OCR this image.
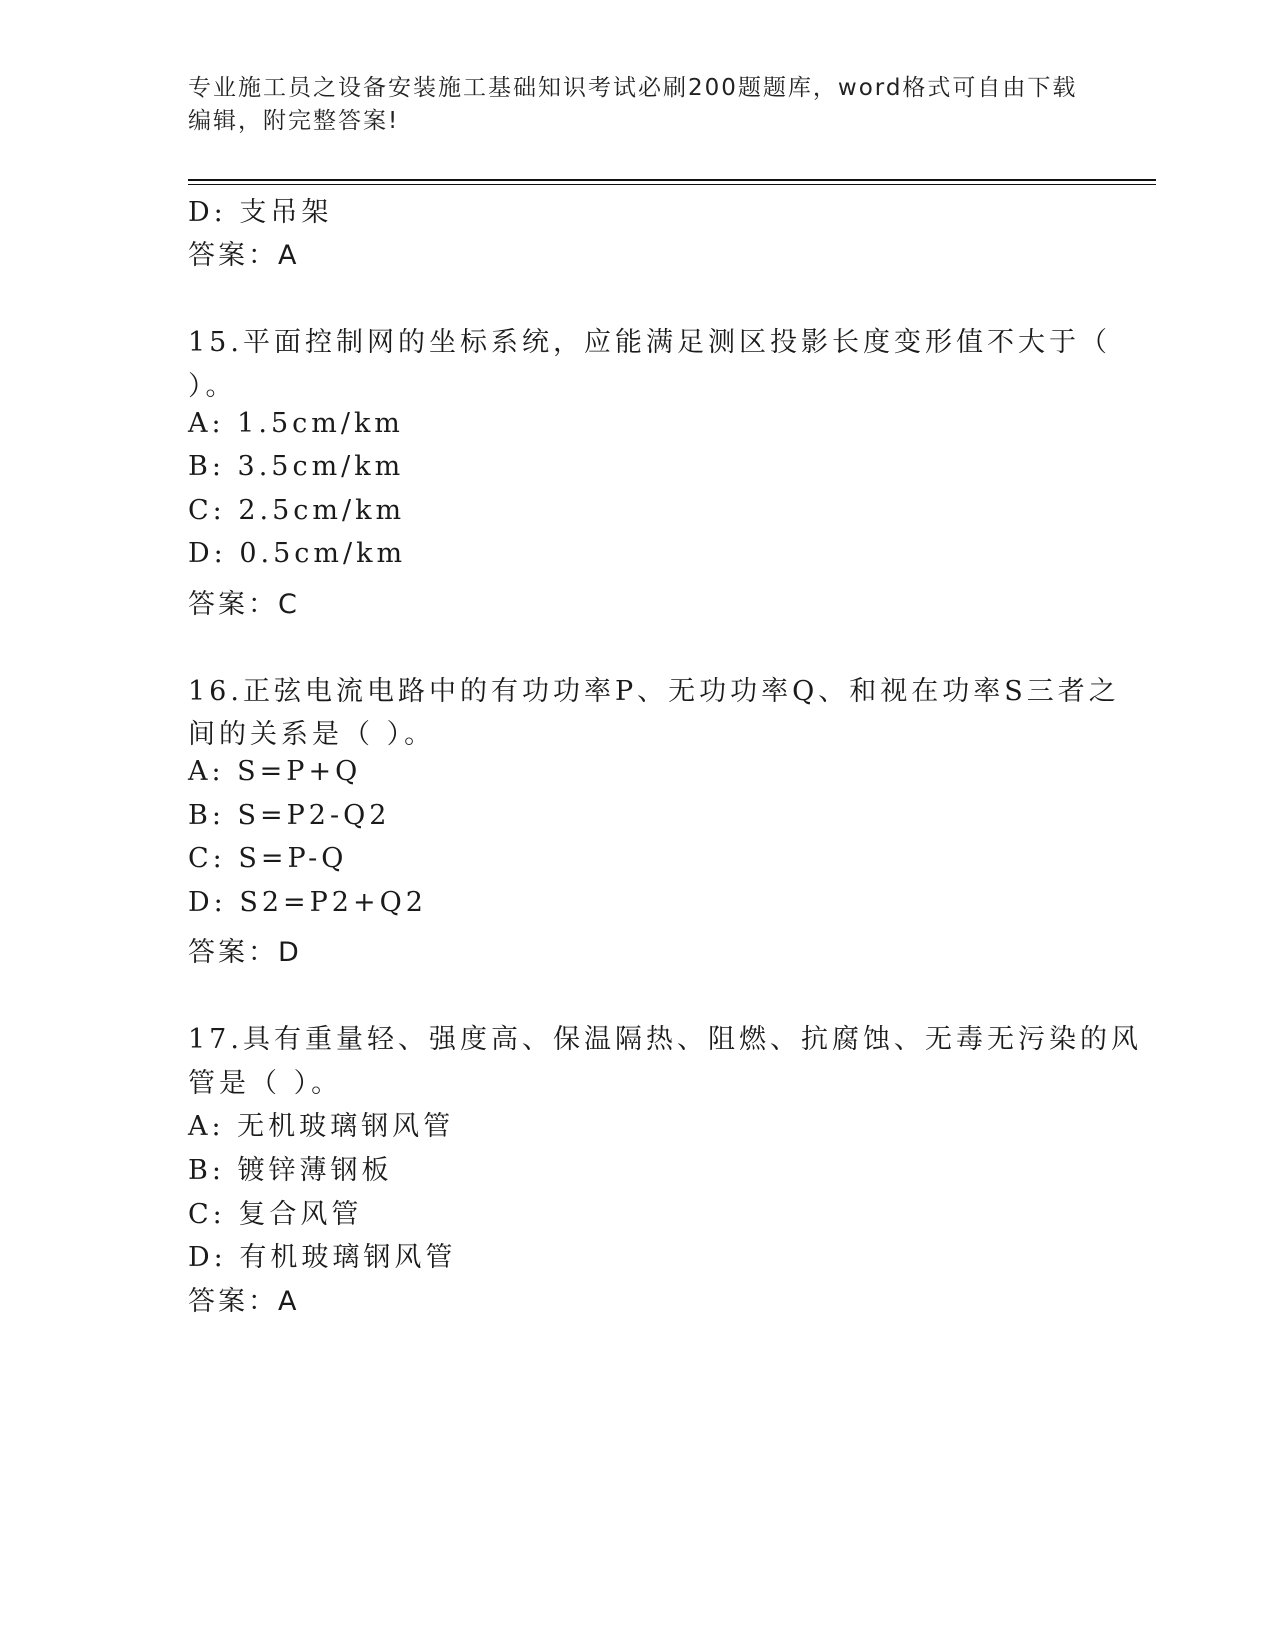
专业施工员之设备安装施工基础知识考试必刷200题题库，word格式可自由下载
编辑，附完整答案!
D: 支吊架
答案：A
15.平面控制网的坐标系统，应能满足测区投影长度变形值不大于（
）。
A: 1.5cm/km
B: 3.5cm/km
C: 2.5cm/km
D: 0.5cm/km
答案：C
16.正弦电流电路中的有功功率P、无功功率Q、和视在功率S三者之
间的关系是（ ）。
A: S=P+Q
B: S=P2-Q2
C: S=P-Q
D: S2=P2+Q2
答案：D
17.具有重量轻、强度高、保温隔热、阻燃、抗腐蚀、无毒无污染的风
管是（ ）。
A: 无机玻璃钢风管
B: 镀锌薄钢板
C: 复合风管
D: 有机玻璃钢风管
答案：A
